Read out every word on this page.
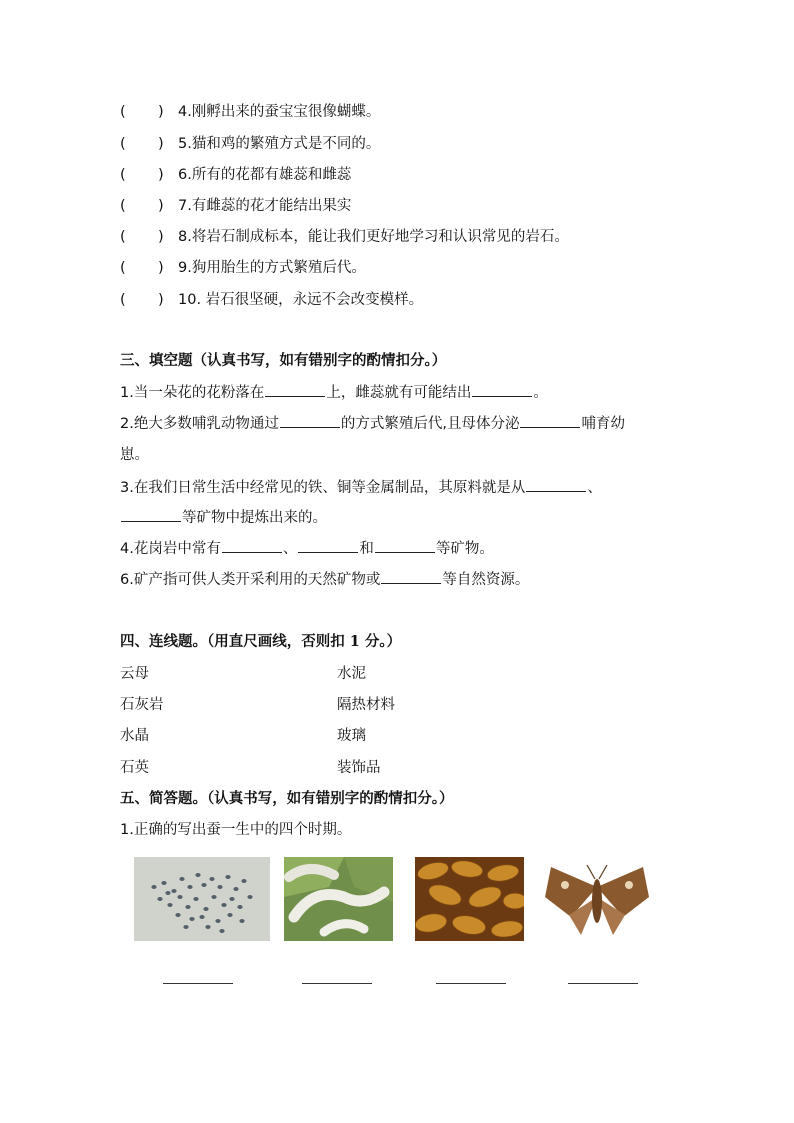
( ) 4.刚孵出来的蚕宝宝很像蝴蝶。
( ) 5.猫和鸡的繁殖方式是不同的。
( ) 6.所有的花都有雄蕊和雌蕊
( ) 7.有雌蕊的花才能结出果实
( ) 8.将岩石制成标本，能让我们更好地学习和认识常见的岩石。
( ) 9.狗用胎生的方式繁殖后代。
( ) 10. 岩石很坚硬，永远不会改变模样。
三、填空题（认真书写，如有错别字的酌情扣分。）
1.当一朵花的花粉落在	上，雌蕊就有可能结出	。
2.绝大多数哺乳动物通过	的方式繁殖后代,且母体分泌	哺育幼
崽。
3.在我们日常生活中经常见的铁、铜等金属制品，其原料就是从	、
等矿物中提炼出来的。
4.花岗岩中常有	、	和	等矿物。
6.矿产指可供人类开采利用的天然矿物或	等自然资源。
四、连线题。（用直尺画线，否则扣 1 分。）
云母	水泥
石灰岩	隔热材料
水晶	玻璃
石英	装饰品
五、简答题。（认真书写，如有错别字的酌情扣分。）
1.正确的写出蚕一生中的四个时期。
